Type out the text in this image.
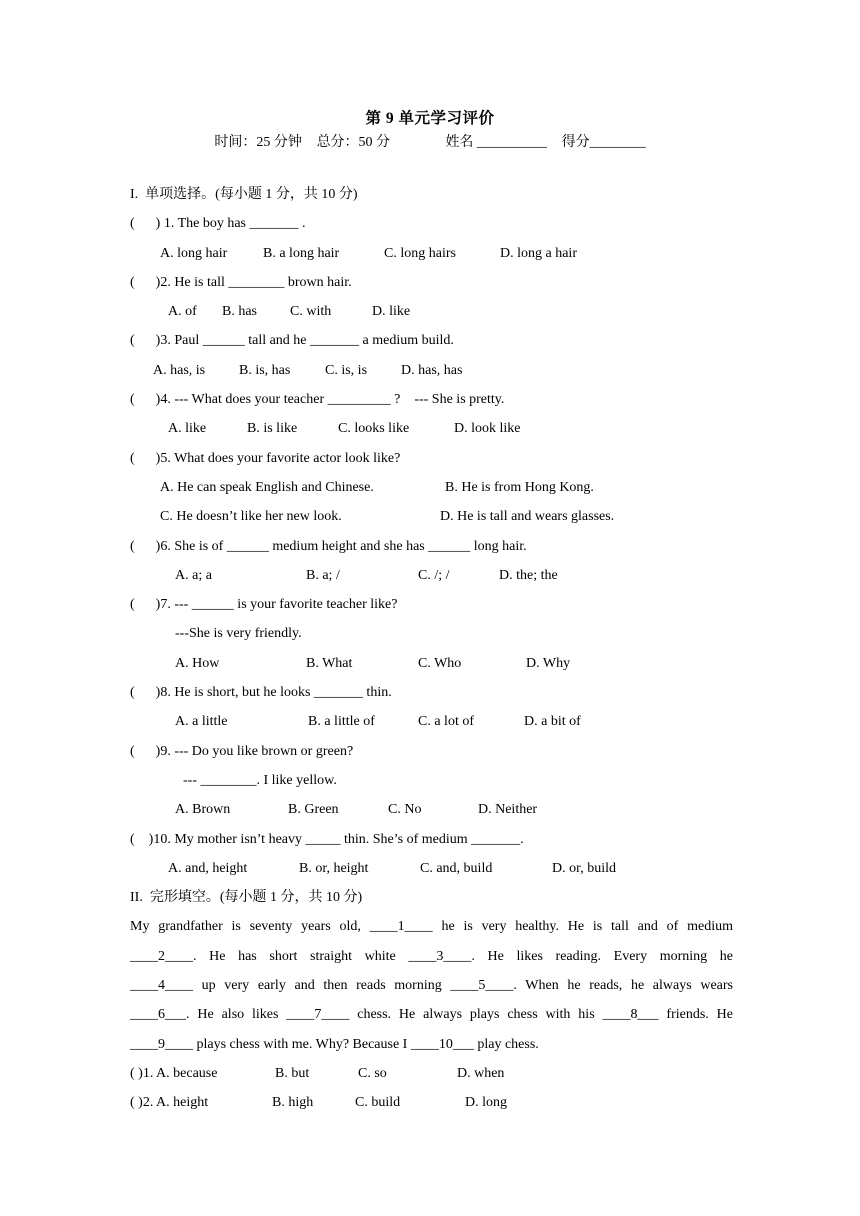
第 9 单元学习评价
时间：25 分钟 总分：50 分	姓名 __________ 得分________
I.  单项选择。(每小题 1 分，共 10 分)
(      ) 1. The boy has _______ .
A. long hair	B. a long hair	C. long hairs	D. long a hair
(      )2. He is tall ________ brown hair.
A. of B. has C. with	D. like
(      )3. Paul ______ tall and he _______ a medium build.
A. has, is B. is, has C. is, is D. has, has
(      )4. --- What does your teacher _________ ?    --- She is pretty.
A. like	B. is like	C. looks like	D. look like
(      )5. What does your favorite actor look like?
A. He can speak English and Chinese.	B. He is from Hong Kong.
C. He doesn’t like her new look.	D. He is tall and wears glasses.
(      )6. She is of ______ medium height and she has ______ long hair.
A. a; a	B. a; /	C. /; /	D. the; the
(      )7. --- ______ is your favorite teacher like?
---She is very friendly.
A. How	B. What	C. Who	D. Why
(      )8. He is short, but he looks _______ thin.
A. a little	B. a little of	C. a lot of	D. a bit of
(      )9. --- Do you like brown or green?
--- ________. I like yellow.
A. Brown	B. Green	C. No	D. Neither
(    )10. My mother isn’t heavy _____ thin. She’s of medium _______.
A. and, height	B. or, height	C. and, build	D. or, build
II.  完形填空。(每小题 1 分，共 10 分)
My grandfather is seventy years old, ____1____ he is very healthy. He is tall and of medium
____2____. He has short straight white ____3____. He likes reading. Every morning he
____4____ up very early and then reads morning ____5____. When he reads, he always wears
____6___. He also likes ____7____ chess. He always plays chess with his ____8___ friends. He
____9____ plays chess with me. Why? Because I ____10___ play chess.
( )1. A. because	B. but	C. so	D. when
( )2. A. height	B. high	C. build	D. long
